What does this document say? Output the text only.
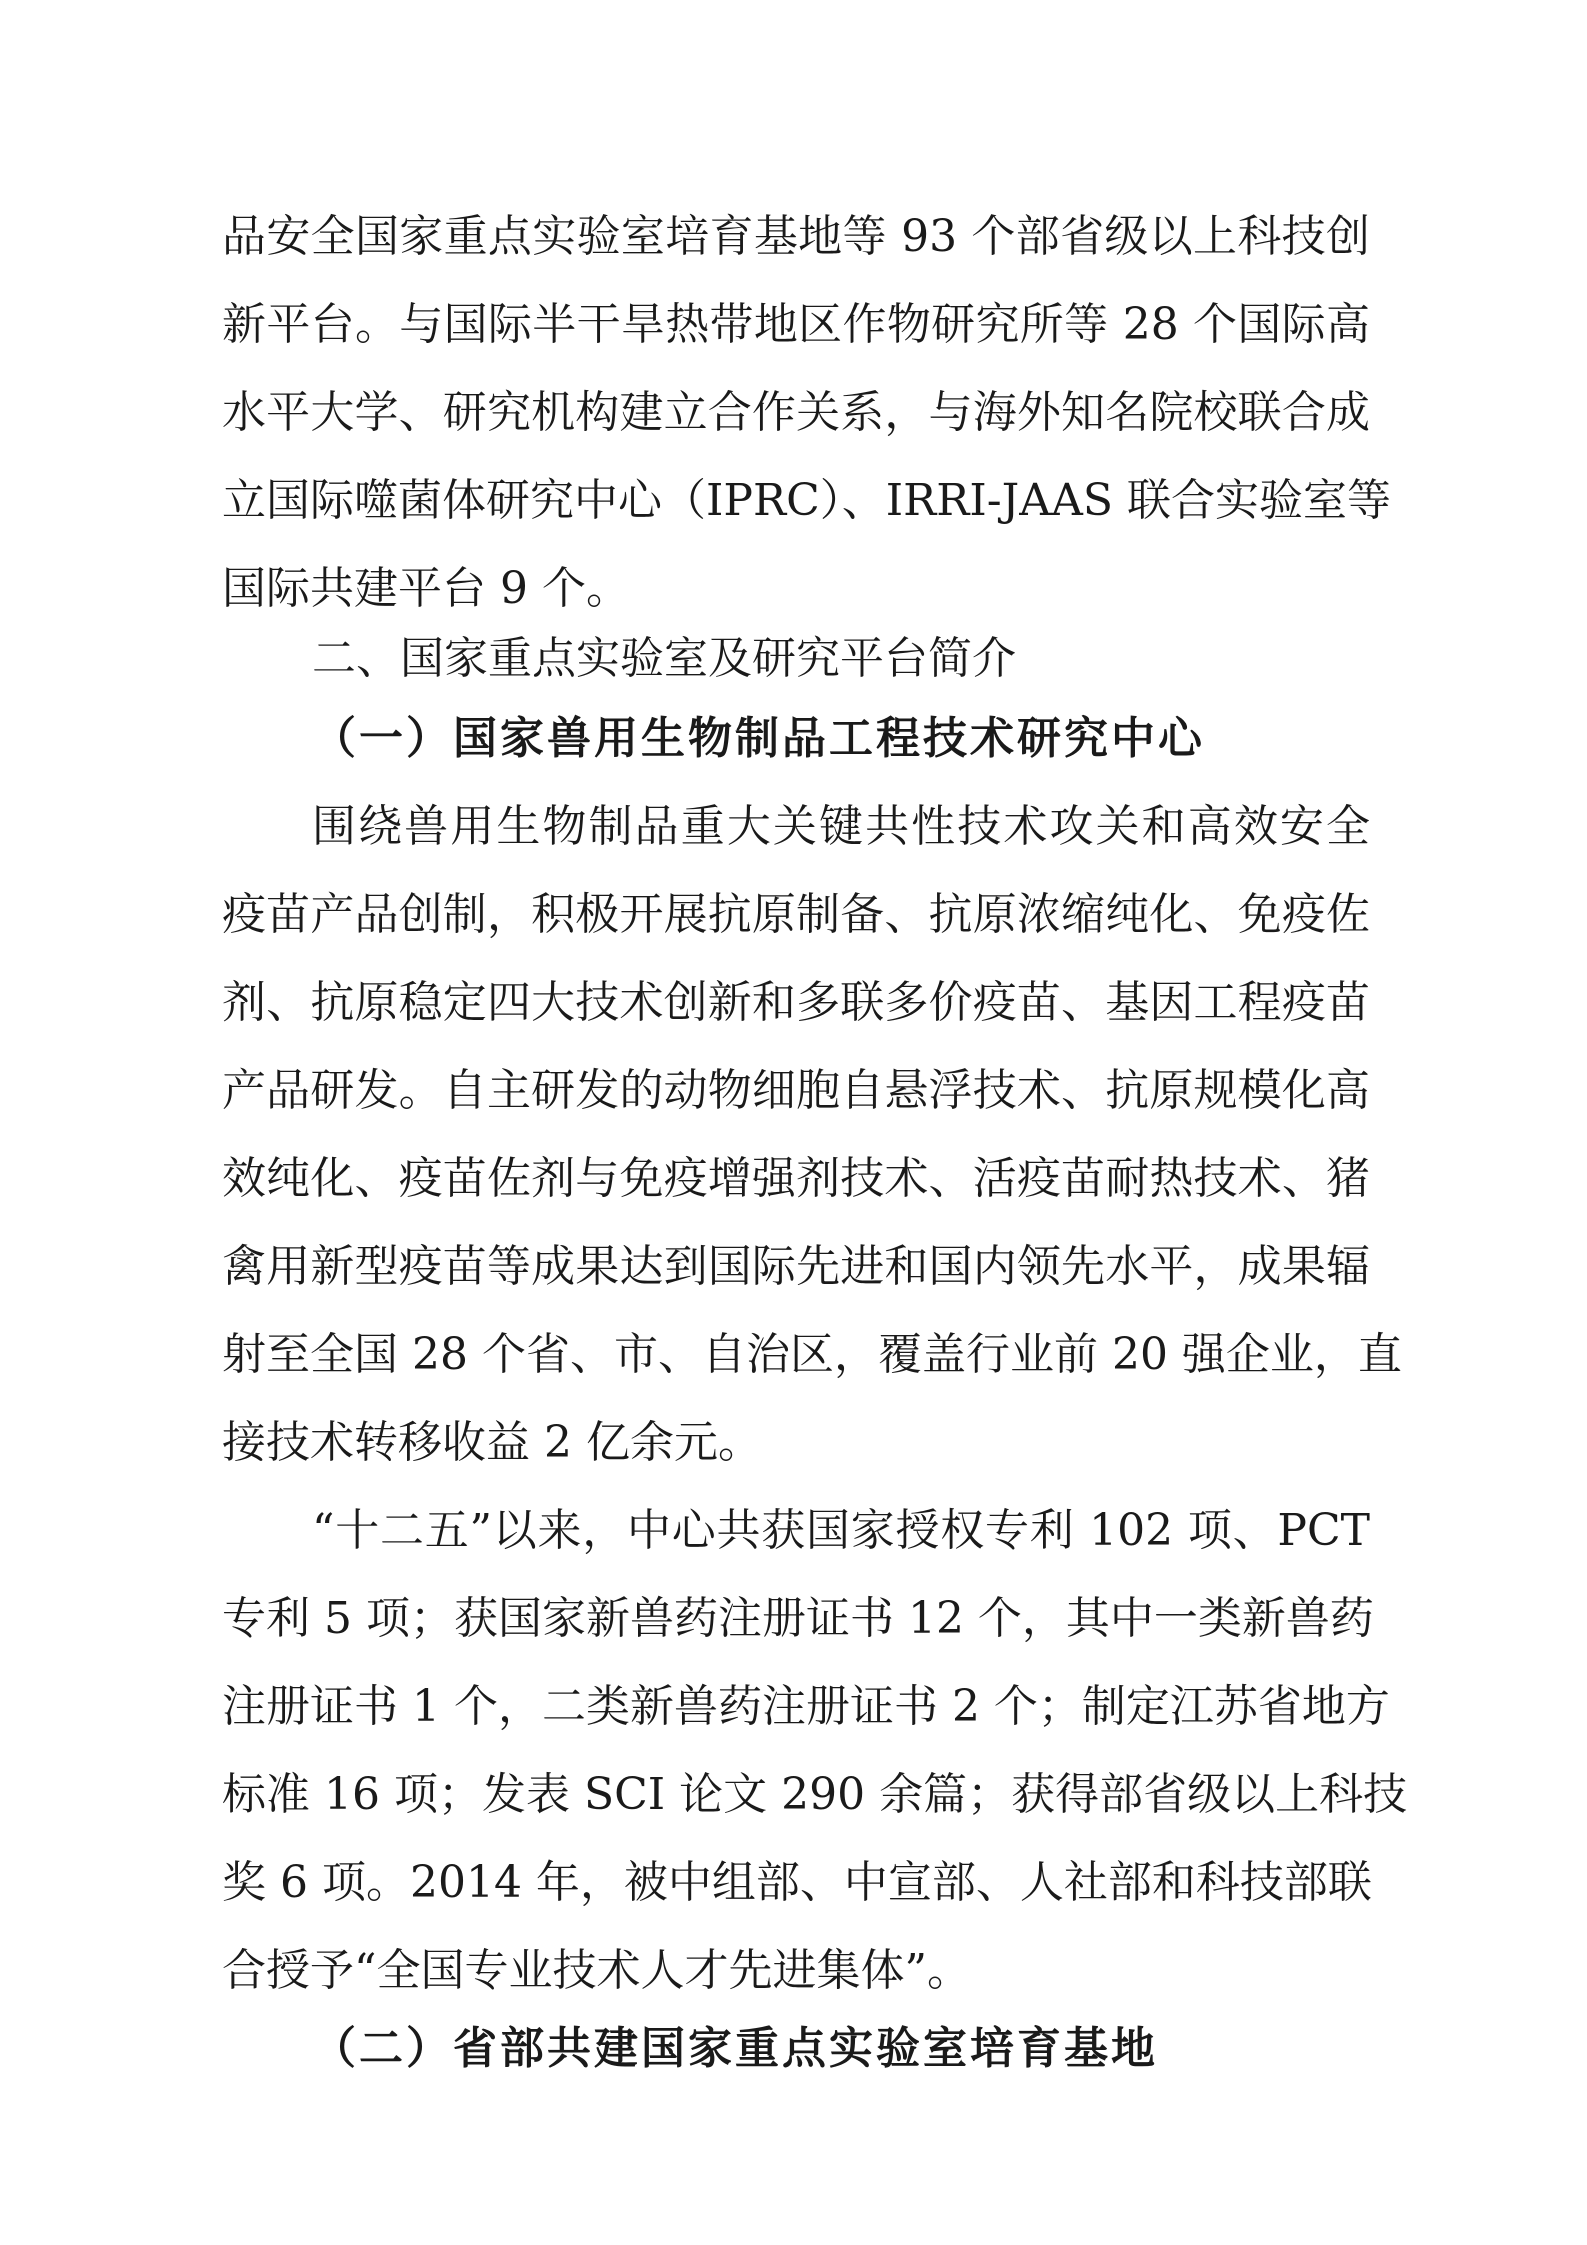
品安全国家重点实验室培育基地等 93 个部省级以上科技创
新平台。与国际半干旱热带地区作物研究所等 28 个国际高
水平大学、研究机构建立合作关系，与海外知名院校联合成
立国际噬菌体研究中心（IPRC）、IRRI-JAAS 联合实验室等
国际共建平台 9 个。
二、国家重点实验室及研究平台简介
（一）国家兽用生物制品工程技术研究中心
围绕兽用生物制品重大关键共性技术攻关和高效安全
疫苗产品创制，积极开展抗原制备、抗原浓缩纯化、免疫佐
剂、抗原稳定四大技术创新和多联多价疫苗、基因工程疫苗
产品研发。自主研发的动物细胞自悬浮技术、抗原规模化高
效纯化、疫苗佐剂与免疫增强剂技术、活疫苗耐热技术、猪
禽用新型疫苗等成果达到国际先进和国内领先水平，成果辐
射至全国 28 个省、市、自治区，覆盖行业前 20 强企业，直
接技术转移收益 2 亿余元。
“十二五”以来，中心共获国家授权专利 102 项、PCT
专利 5 项；获国家新兽药注册证书 12 个，其中一类新兽药
注册证书 1 个，二类新兽药注册证书 2 个；制定江苏省地方
标准 16 项；发表 SCI 论文 290 余篇；获得部省级以上科技
奖 6 项。2014 年，被中组部、中宣部、人社部和科技部联
合授予“全国专业技术人才先进集体”。
（二）省部共建国家重点实验室培育基地
